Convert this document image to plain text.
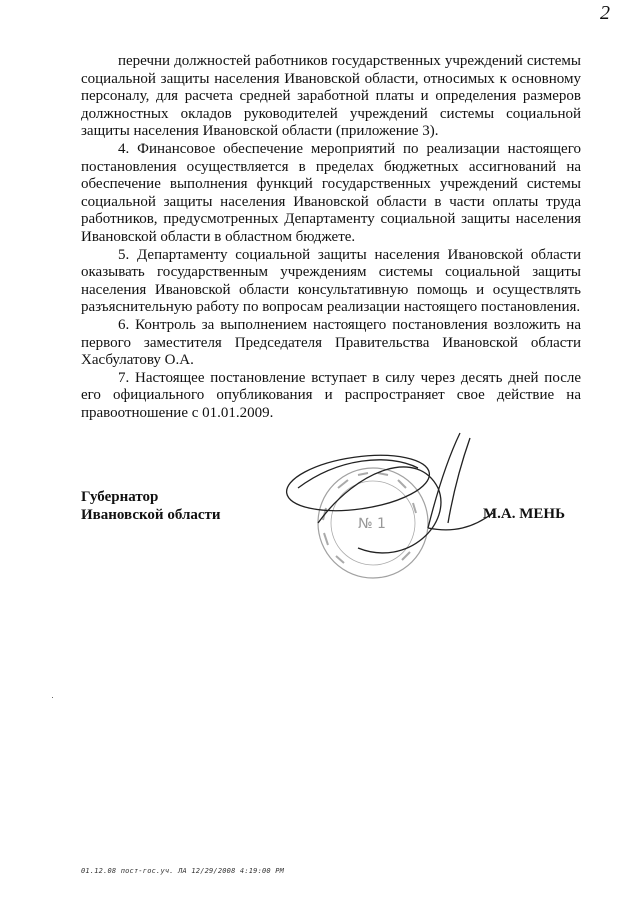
2

перечни должностей работников государственных учреждений системы социальной защиты населения Ивановской области, относимых к основному персоналу, для расчета средней заработной платы и определения размеров должностных окладов руководителей учреждений системы социальной защиты населения Ивановской области (приложение 3).

4. Финансовое обеспечение мероприятий по реализации настоящего постановления осуществляется в пределах бюджетных ассигнований на обеспечение выполнения функций государственных учреждений системы социальной защиты населения Ивановской области в части оплаты труда работников, предусмотренных Департаменту социальной защиты населения Ивановской области в областном бюджете.

5. Департаменту социальной защиты населения Ивановской области оказывать государственным учреждениям системы социальной защиты населения Ивановской области консультативную помощь и осуществлять разъяснительную работу по вопросам реализации настоящего постановления.

6. Контроль за выполнением настоящего постановления возложить на первого заместителя Председателя Правительства Ивановской области Хасбулатову О.А.

7. Настоящее постановление вступает в силу через десять дней после его официального опубликования и распространяет свое действие на правоотношение с 01.01.2009.

Губернатор
Ивановской области
№ 1
М.А. МЕНЬ
01.12.08 пост-гос.уч. ЛА 12/29/2008 4:19:00 PM
